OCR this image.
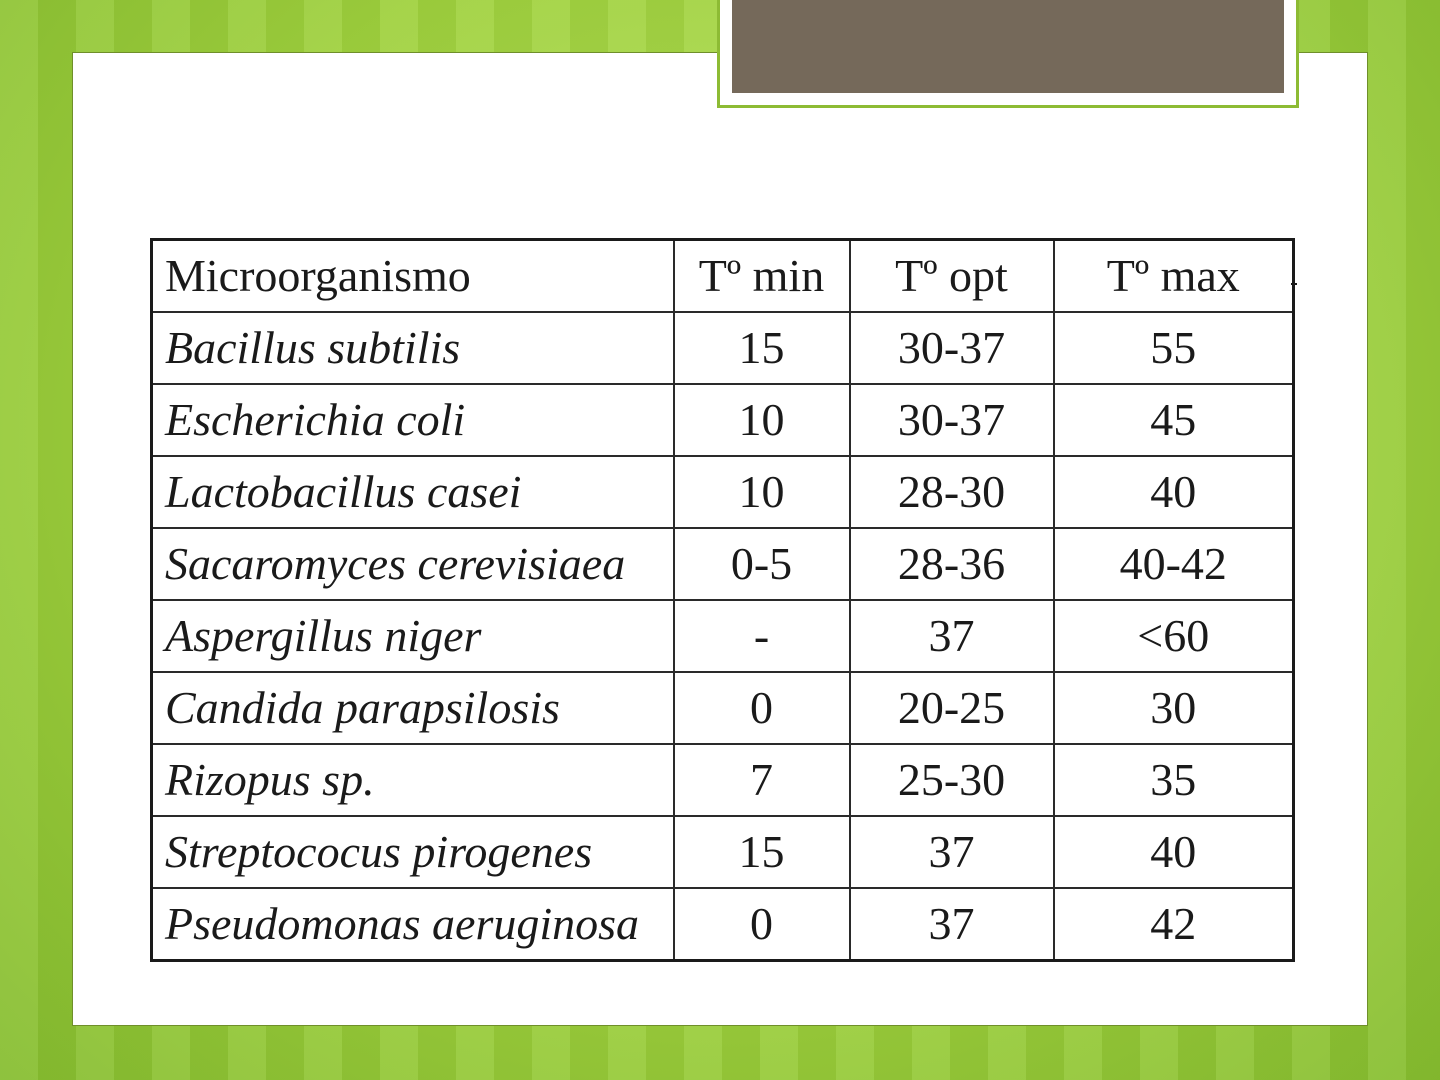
Microorganismo	Tº min	Tº opt	Tº max
Bacillus subtilis	15	30-37	55
Escherichia coli	10	30-37	45
Lactobacillus casei	10	28-30	40
Sacaromyces cerevisiaea	0-5	28-36	40-42
Aspergillus niger	-	37	<60
Candida parapsilosis	0	20-25	30
Rizopus sp.	7	25-30	35
Streptococus pirogenes	15	37	40
Pseudomonas aeruginosa	0	37	42
